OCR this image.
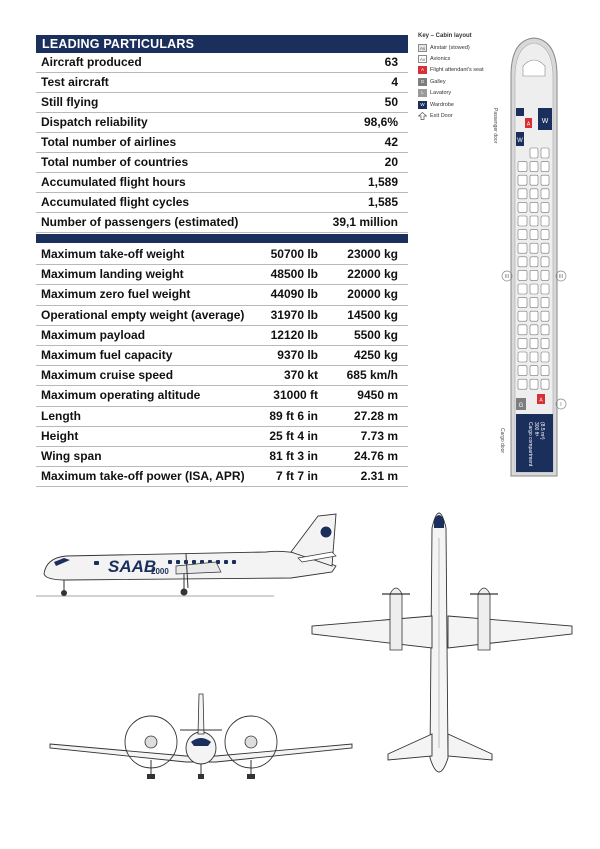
LEADING PARTICULARS
Aircraft produced	63
Test aircraft	4
Still flying	50
Dispatch reliability	98,6%
Total number of airlines	42
Total number of countries	20
Accumulated flight hours	1,589
Accumulated flight cycles	1,585
Number of passengers (estimated)	39,1 million
Maximum take-off weight	50700 lb 23000 kg
Maximum landing weight	48500 lb 22000 kg
Maximum zero fuel weight	44090 lb 20000 kg
Operational empty weight (average) 31970 lb 14500 kg
Maximum payload	12120 lb	5500 kg
Maximum fuel capacity	9370 lb	4250 kg
Maximum cruise speed	370 kt 685 km/h
Maximum operating altitude	31000 ft	9450 m
Length	89 ft 6 in	27.28 m
Height	25 ft 4 in	7.73 m
Wing span	81 ft 3 in	24.76 m
Maximum take-off power (ISA, APR)	7 ft 7 in	2.31 m
Key – Cabin layout
As Airstair (stowed)
Av Avionics
A	Flight attendant's seat
G	Galley
L	Lavatory
W Wardrobe
Exit Door
W
A
W
G
A
Cargo compartment 300 ft³ (8.5 m³)
III	III
I
Passenger door
Cargo door
SAAB
2000
